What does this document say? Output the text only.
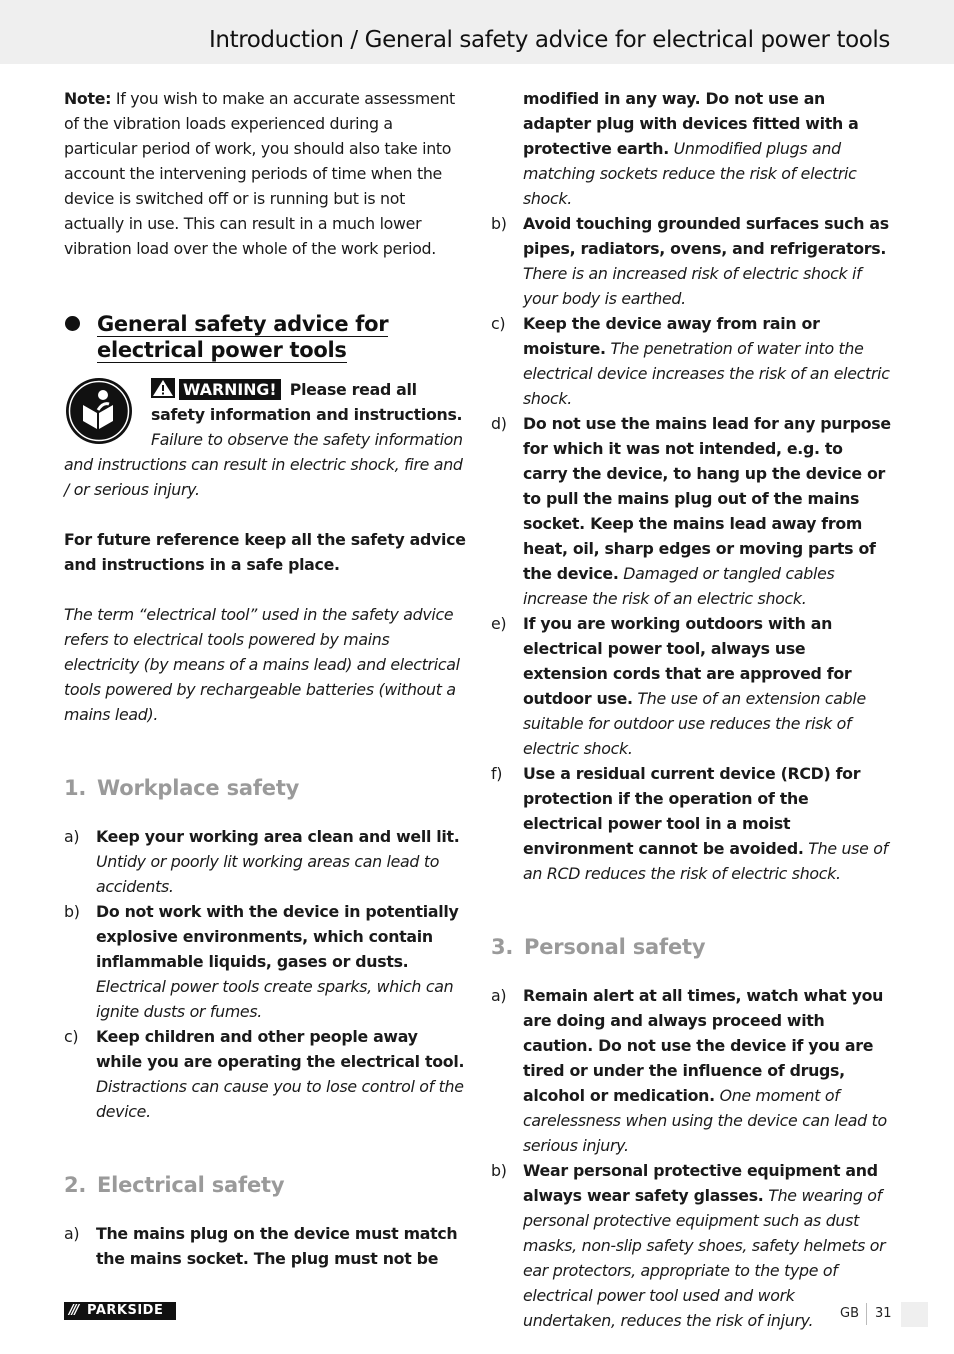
Introduction / General safety advice for electrical power tools

Note: If you wish to make an accurate assessment of the vibration loads experienced during a particular period of work, you should also take into account the intervening periods of time when the device is switched off or is running but is not actually in use. This can result in a much lower vibration load over the whole of the work period.

General safety advice for
electrical power tools
WARNING! Please read all
safety information and instructions.
Failure to observe the safety information

and instructions can result in electric shock, fire and / or serious injury.

For future reference keep all the safety advice and instructions in a safe place.

The term “electrical tool” used in the safety advice refers to electrical tools powered by mains electricity (by means of a mains lead) and electrical tools powered by rechargeable batteries (without a mains lead).

1. Workplace safety
a) Keep your working area clean and well lit. Untidy or poorly lit working areas can lead to accidents.
b) Do not work with the device in potentially explosive environments, which contain inflammable liquids, gases or dusts. Electrical power tools create sparks, which can ignite dusts or fumes.
c) Keep children and other people away while you are operating the electrical tool. Distractions can cause you to lose control of the device.
2. Electrical safety
a) The mains plug on the device must match the mains socket. The plug must not be
modified in any way. Do not use an adapter plug with devices fitted with a protective earth. Unmodified plugs and matching sockets reduce the risk of electric shock.
b) Avoid touching grounded surfaces such as pipes, radiators, ovens, and refrigerators. There is an increased risk of electric shock if your body is earthed.
c) Keep the device away from rain or moisture. The penetration of water into the electrical device increases the risk of an electric shock.
d) Do not use the mains lead for any purpose for which it was not intended, e.g. to carry the device, to hang up the device or to pull the mains plug out of the mains socket. Keep the mains lead away from heat, oil, sharp edges or moving parts of the device. Damaged or tangled cables increase the risk of an electric shock.
e) If you are working outdoors with an electrical power tool, always use extension cords that are approved for outdoor use. The use of an extension cable suitable for outdoor use reduces the risk of electric shock.
f) Use a residual current device (RCD) for protection if the operation of the electrical power tool in a moist environment cannot be avoided. The use of an RCD reduces the risk of electric shock.
3. Personal safety
a) Remain alert at all times, watch what you are doing and always proceed with caution. Do not use the device if you are tired or under the influence of drugs, alcohol or medication. One moment of carelessness when using the device can lead to serious injury.
b) Wear personal protective equipment and always wear safety glasses. The wearing of personal protective equipment such as dust masks, non-slip safety shoes, safety helmets or ear protectors, appropriate to the type of electrical power tool used and work undertaken, reduces the risk of injury.
/// PARKSIDE	GB 31
